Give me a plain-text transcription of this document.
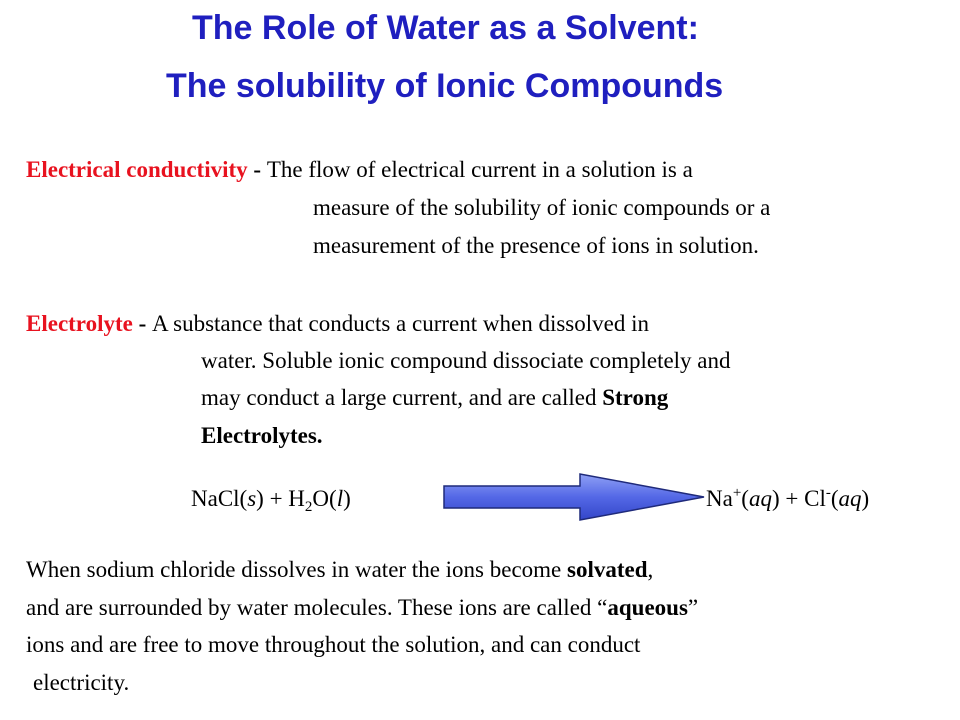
The Role of Water as a Solvent:
The solubility of Ionic Compounds
Electrical conductivity - The flow of electrical current in a solution is a
measure of the solubility of ionic compounds or a
measurement of the presence of ions in solution.
Electrolyte - A substance that conducts a current when dissolved in
water. Soluble ionic compound dissociate completely and
may conduct a large current, and are called Strong
Electrolytes.
NaCl(s) + $H_2O(l)$	Na+(aq) + Cl-(aq)
When sodium chloride dissolves in water the ions become solvated,
and are surrounded by water molecules. These ions are called “aqueous”
ions and are free to move throughout the solution, and can conduct
electricity.
